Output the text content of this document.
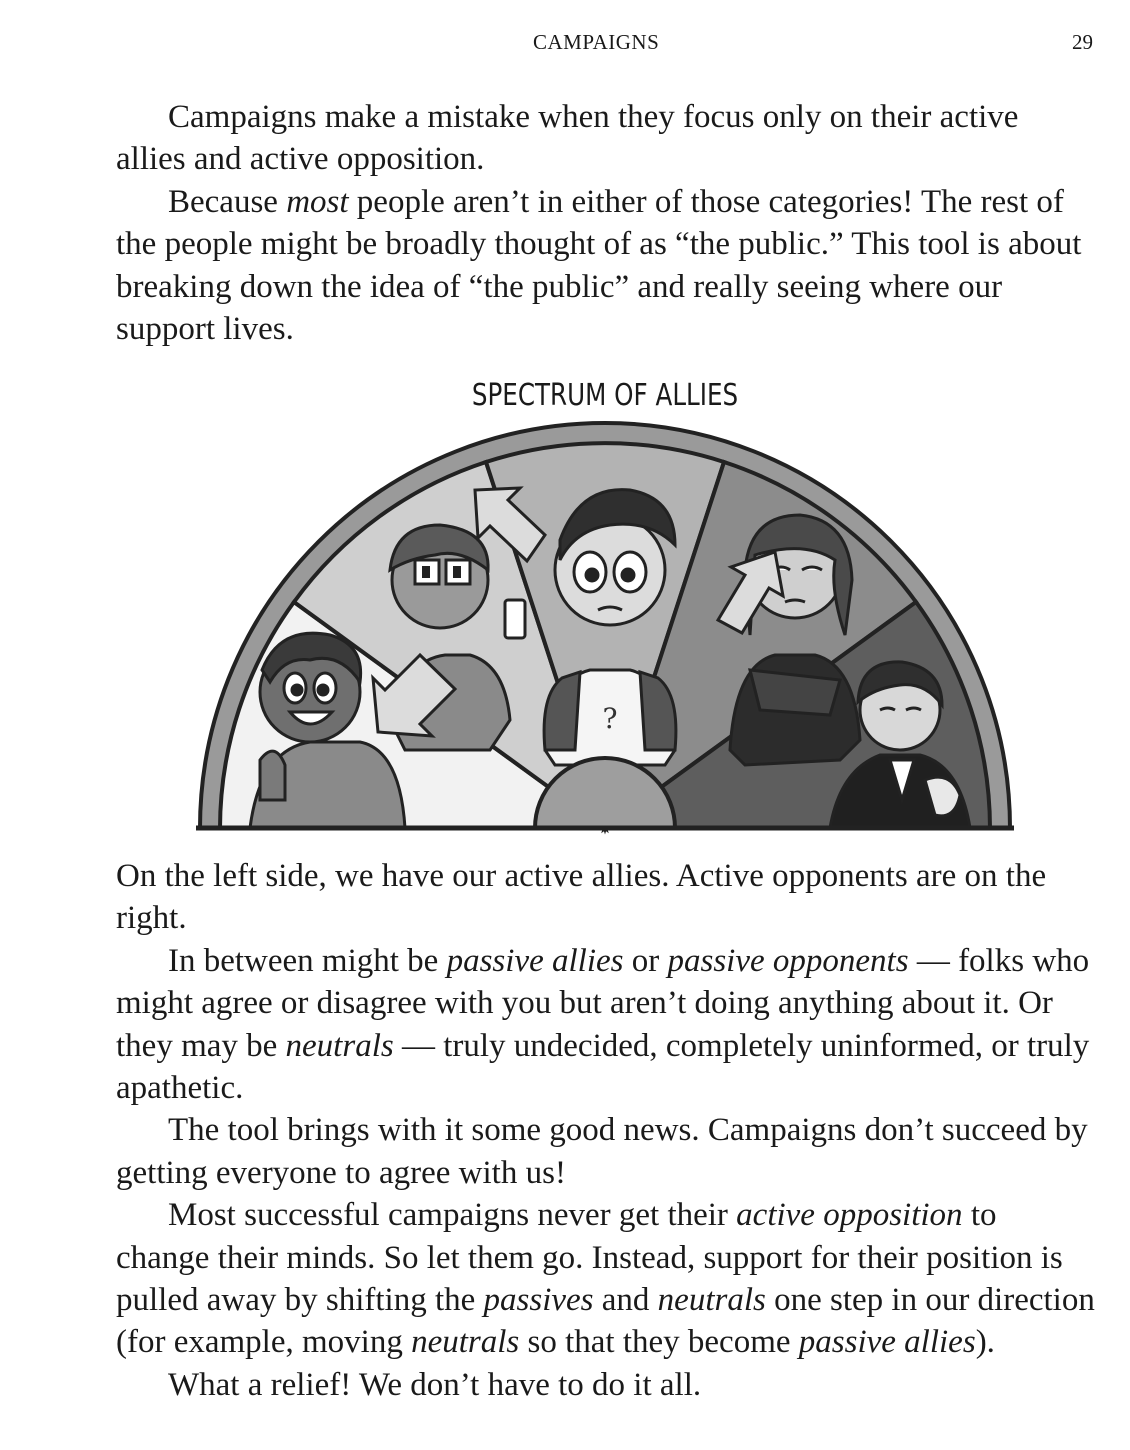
CAMPAIGNS	29

Campaigns make a mistake when they focus only on their active allies and active opposition.

Because most people aren’t in either of those categories! The rest of the people might be broadly thought of as “the public.” This tool is about breaking down the idea of “the public” and really seeing where our support lives.

SPECTRUM OF ALLIES
?

On the left side, we have our active allies. Active opponents are on the right.

In between might be passive allies or passive opponents — folks who might agree or disagree with you but aren’t doing anything about it. Or they may be neutrals — truly undecided, completely uninformed, or truly apathetic.

The tool brings with it some good news. Campaigns don’t succeed by getting everyone to agree with us!

Most successful campaigns never get their active opposition to change their minds. So let them go. Instead, support for their position is pulled away by shifting the passives and neutrals one step in our direction (for example, moving neutrals so that they become passive allies).

What a relief! We don’t have to do it all.
